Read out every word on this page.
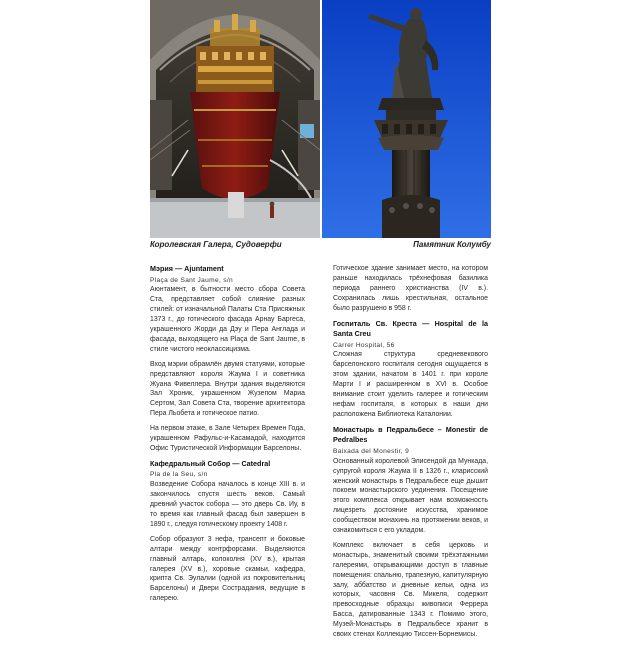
Королевская Галера, Судоверфи	Памятник Колумбу
Мэрия — Ajuntament

Plaça de Sant Jaume, s/n

Аюнтамент, в бытности место сбора Совета Ста, представляет собой слияние разных стилей: от изначальной Палаты Ста Присяжных 1373 г., до готического фасада Арнау Баргеса, украшенного Жорди да Дэу и Пера Англада и фасада, выходящего на Plaça de Sant Jaume, в стиле чистого неоклассицизма.

Вход мэрии обрамлён двумя статуями, которые представляют короля Жаума I и советника Жуана Фивеллера. Внутри здания выделяются Зал Хроник, украшенном Жузепом Мариа Сертом, Зал Совета Ста, творение архитектора Пера Льобета и готическое патио.

На первом этаже, в Зале Четырех Времен Года, украшенном Рафульс-и-Касамадой, находится Офис Туристической Информации Барселоны.

Кафедральный Собор — Catedral

Pla de la Seu, s/n

Возведение Собора началось в конце XIII в. и закончилось спустя шесть веков. Самый древний участок собора — это дверь Св. Иу, в то время как главный фасад был завершен в 1890 г., следуя готическому проекту 1408 г.

Собор образуют 3 нефа, трансепт и боковые алтари между контрфорсами. Выделяются главный алтарь, колоколня (XV в.), крытая галерея (XV в.), хоровые скамьи, кафедра, крипта Св. Эулалии (одной из покровительниц Барселоны) и Двери Сострадания, ведущие в галерею.

Готическое здание занимает место, на котором раньше находилась трёхнефовая базилика периода раннего христианства (IV в.). Сохранилась лишь крестильная, остальное было разрушено в 958 г.

Госпиталь Св. Креста — Hospital de la Santa Creu

Carrer Hospital, 56

Сложная структура средневекового барселонского госпиталя сегодня ощущается в этом здании, начатом в 1401 г. при короле Марти I и расширенном в XVI в. Особое внимание стоит уделить галерее и готическим нефам госпиталя, в которых в наши дни расположена Библиотека Каталонии.

Монастырь в Педральбесе – Monestir de Pedralbes

Baixada del Monestir, 9

Основанный королевой Элисендой да Мункада, супругой короля Жаума II в 1326 г., кларисский женский монастырь в Педральбесе еще дышит покоем монастырского уединения. Посещение этого комплекса открывает нам возможность лицезреть достояние искусства, хранимое сообществом монахинь на протяжении веков, и ознакомиться с его укладом.

Комплекс включает в себя церковь и монастырь, знаменитый своими трёхэтажными галереями, открывающими доступ в главные помещения: спальню, трапезную, капитулярную залу, аббатство и дневные кельи, одна из которых, часовня Св. Микеля, содержит превосходные образцы живописи Феррера Басса, датированные 1343 г. Помимо этого, Музей-Монастырь в Педральбесе хранит в своих стенах Коллекцию Тиссен-Борнемисы.
